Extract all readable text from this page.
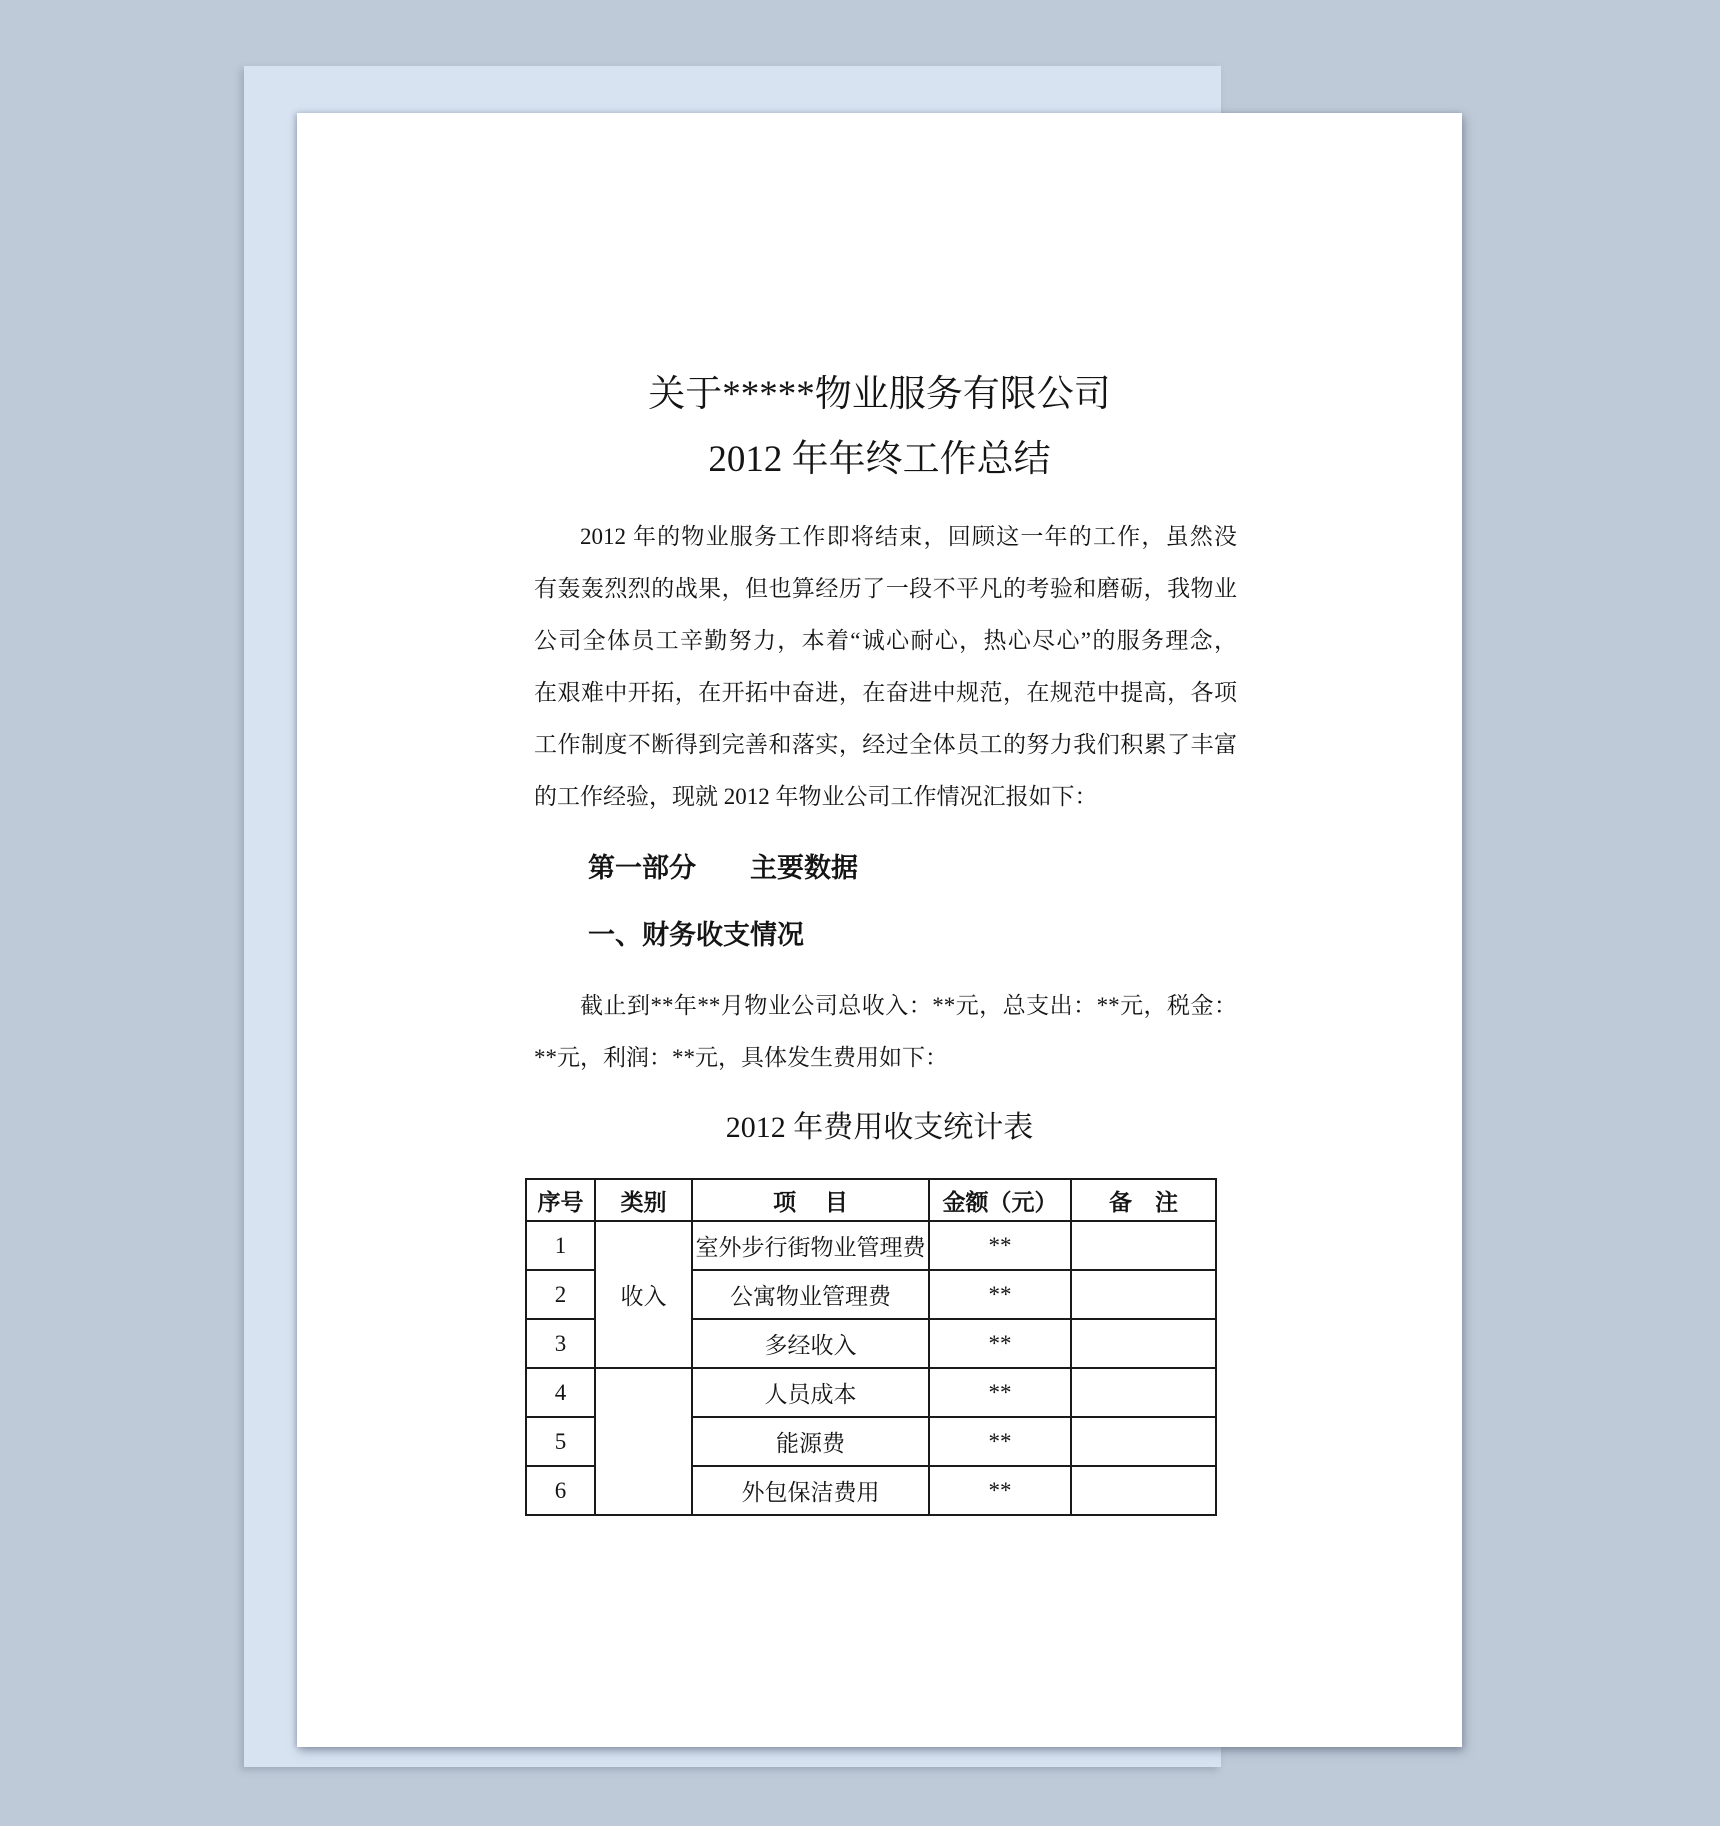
关于*****物业服务有限公司
2012 年年终工作总结
2012 年的物业服务工作即将结束，回顾这一年的工作，虽然没
有轰轰烈烈的战果，但也算经历了一段不平凡的考验和磨砺，我物业
公司全体员工辛勤努力，本着“诚心耐心，热心尽心”的服务理念，
在艰难中开拓，在开拓中奋进，在奋进中规范，在规范中提高，各项
工作制度不断得到完善和落实，经过全体员工的努力我们积累了丰富
的工作经验，现就 2012 年物业公司工作情况汇报如下：
第一部分　　主要数据
一、财务收支情况
截止到**年**月物业公司总收入：**元，总支出：**元，税金：
**元，利润：**元，具体发生费用如下：
2012 年费用收支统计表
序号	类别	项　 目	金额（元）	备　注
1	收入	室外步行街物业管理费	**	
2		公寓物业管理费	**	
3		多经收入	**	
4		人员成本	**	
5		能源费	**	
6		外包保洁费用	**	
